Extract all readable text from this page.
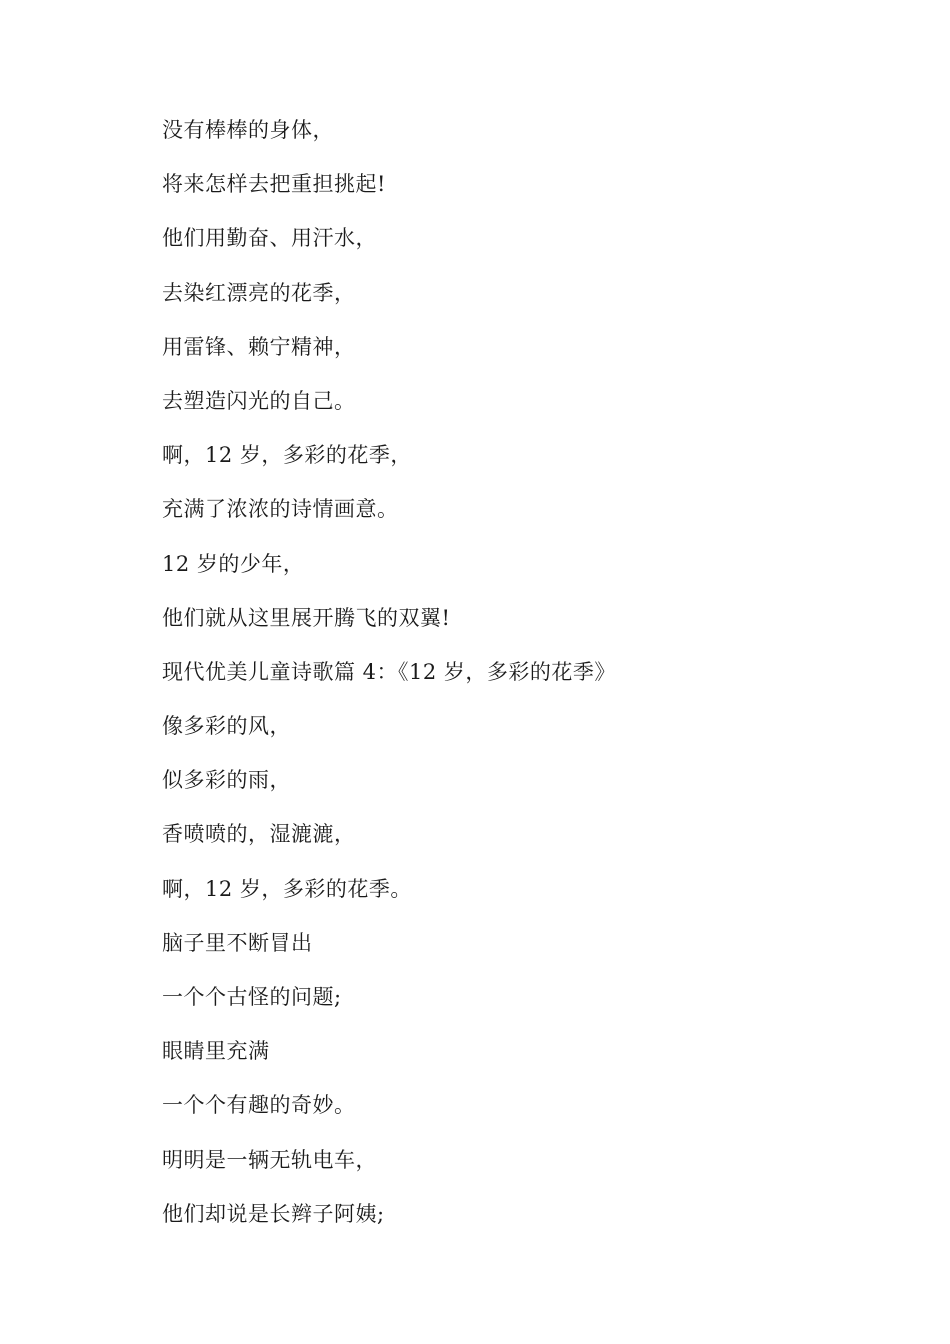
没有棒棒的身体，
将来怎样去把重担挑起!
他们用勤奋、用汗水，
去染红漂亮的花季，
用雷锋、赖宁精神，
去塑造闪光的自己。
啊，12 岁，多彩的花季，
充满了浓浓的诗情画意。
12 岁的少年，
他们就从这里展开腾飞的双翼!
现代优美儿童诗歌篇 4：《12 岁，多彩的花季》
像多彩的风，
似多彩的雨，
香喷喷的，湿漉漉，
啊，12 岁，多彩的花季。
脑子里不断冒出
一个个古怪的问题;
眼睛里充满
一个个有趣的奇妙。
明明是一辆无轨电车，
他们却说是长辫子阿姨;
